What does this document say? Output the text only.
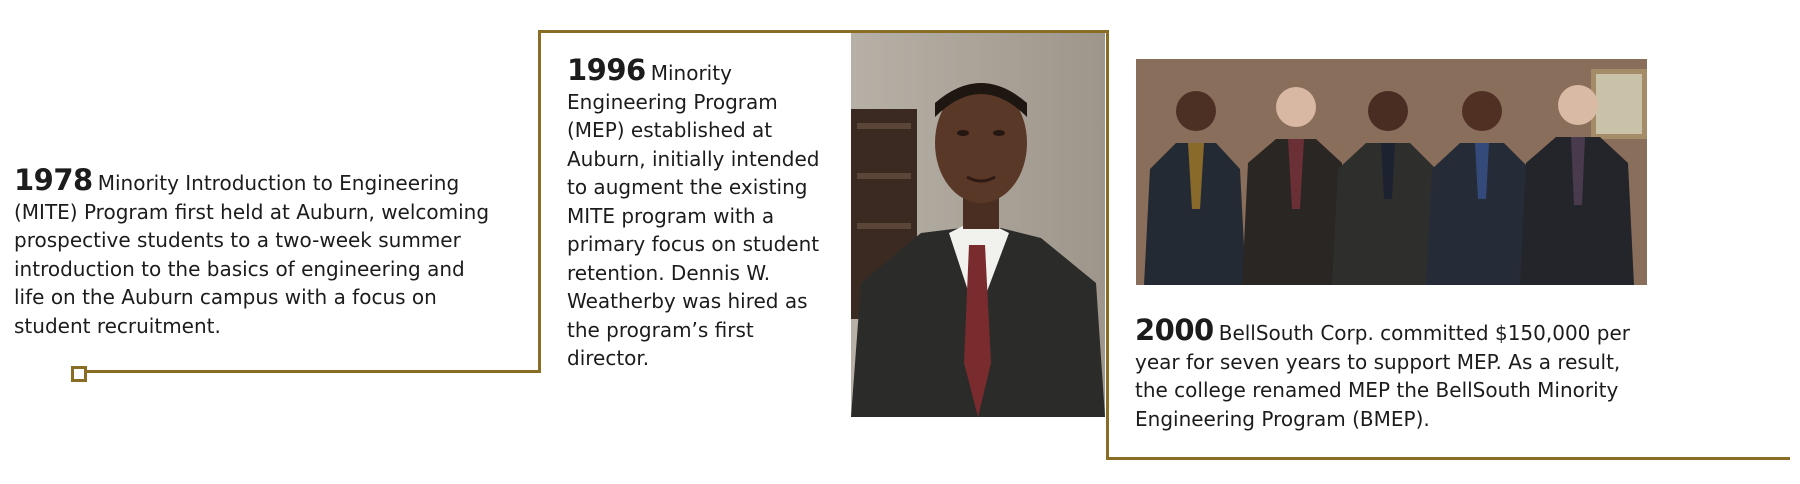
1978 Minority Introduction to Engineering (MITE) Program first held at Auburn, welcoming prospective students to a two-week summer introduction to the basics of engineering and life on the Auburn campus with a focus on student recruitment.
1996 Minority Engineering Program (MEP) established at Auburn, initially intended to augment the existing MITE program with a primary focus on student retention. Dennis W. Weatherby was hired as the program’s first director.
2000 BellSouth Corp. committed $150,000 per year for seven years to support MEP. As a result, the college renamed MEP the BellSouth Minority Engineering Program (BMEP).
